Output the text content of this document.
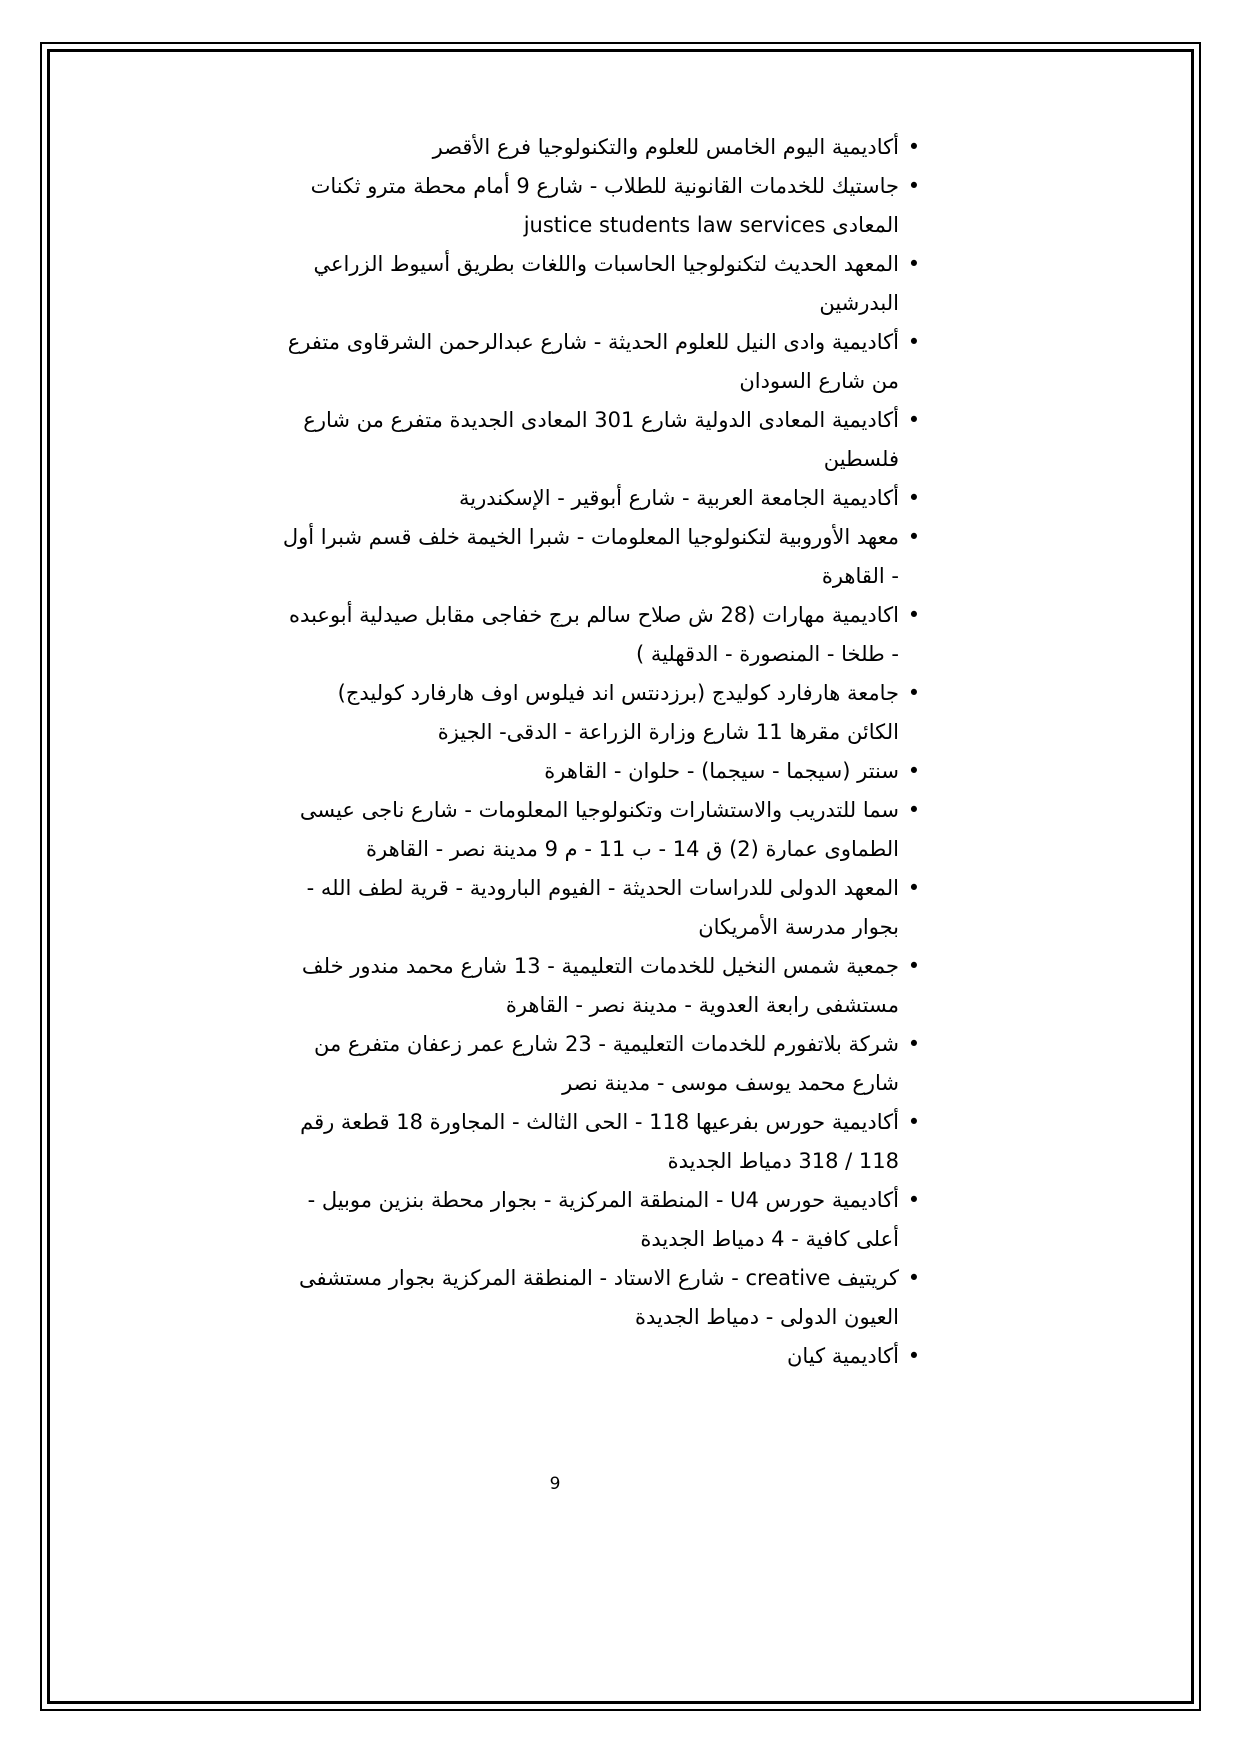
•
أكاديمية اليوم الخامس للعلوم والتكنولوجيا فرع الأقصر
•
جاستيك للخدمات القانونية للطلاب - شارع 9 أمام محطة مترو ثكنات المعادى justice students law services
•
المعهد الحديث لتكنولوجيا الحاسبات واللغات بطريق أسيوط الزراعي البدرشين
•
أكاديمية وادى النيل للعلوم الحديثة - شارع عبدالرحمن الشرقاوى متفرع من شارع السودان
•
أكاديمية المعادى الدولية شارع 301 المعادى الجديدة متفرع من شارع فلسطين
•
أكاديمية الجامعة العربية - شارع أبوقير - الإسكندرية
•
معهد الأوروبية لتكنولوجيا المعلومات - شبرا الخيمة خلف قسم شبرا أول - القاهرة
•
اكاديمية مهارات (28 ش صلاح سالم برج خفاجى مقابل صيدلية أبوعبده - طلخا - المنصورة - الدقهلية )
•
جامعة هارفارد كوليدج (برزدنتس اند فيلوس اوف هارفارد كوليدج) الكائن مقرها 11 شارع وزارة الزراعة - الدقى- الجيزة
•
سنتر (سيجما - سيجما) - حلوان - القاهرة
•
سما للتدريب والاستشارات وتكنولوجيا المعلومات - شارع ناجى عيسى الطماوى عمارة (2) ق 14 - ب 11 - م 9 مدينة نصر - القاهرة
•
المعهد الدولى للدراسات الحديثة - الفيوم البارودية - قرية لطف الله - بجوار مدرسة الأمريكان
•
جمعية شمس النخيل للخدمات التعليمية - 13 شارع محمد مندور خلف مستشفى رابعة العدوية - مدينة نصر - القاهرة
•
شركة بلاتفورم للخدمات التعليمية - 23 شارع عمر زعفان متفرع من شارع محمد يوسف موسى - مدينة نصر
•
أكاديمية حورس بفرعيها 118 - الحى الثالث - المجاورة 18 قطعة رقم 118 / 318 دمياط الجديدة
•
أكاديمية حورس U4 - المنطقة المركزية - بجوار محطة بنزين موبيل - أعلى كافية - 4 دمياط الجديدة
•
كريتيف creative - شارع الاستاد - المنطقة المركزية بجوار مستشفى العيون الدولى - دمياط الجديدة
•
أكاديمية كيان
9
